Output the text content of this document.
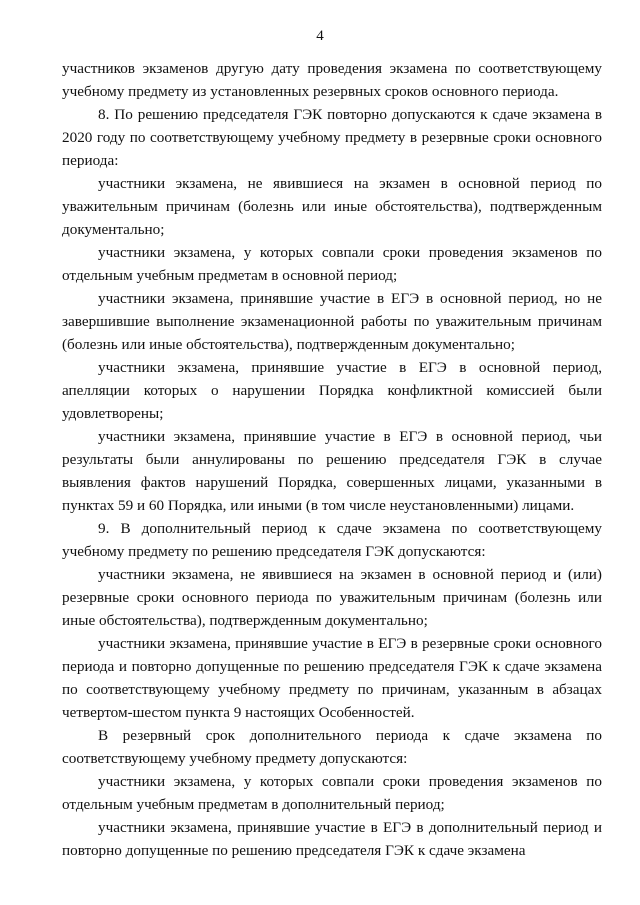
4

участников экзаменов другую дату проведения экзамена по соответствующему учебному предмету из установленных резервных сроков основного периода.

8. По решению председателя ГЭК повторно допускаются к сдаче экзамена в 2020 году по соответствующему учебному предмету в резервные сроки основного периода:

участники экзамена, не явившиеся на экзамен в основной период по уважительным причинам (болезнь или иные обстоятельства), подтвержденным документально;

участники экзамена, у которых совпали сроки проведения экзаменов по отдельным учебным предметам в основной период;

участники экзамена, принявшие участие в ЕГЭ в основной период, но не завершившие выполнение экзаменационной работы по уважительным причинам (болезнь или иные обстоятельства), подтвержденным документально;

участники экзамена, принявшие участие в ЕГЭ в основной период, апелляции которых о нарушении Порядка конфликтной комиссией были удовлетворены;

участники экзамена, принявшие участие в ЕГЭ в основной период, чьи результаты были аннулированы по решению председателя ГЭК в случае выявления фактов нарушений Порядка, совершенных лицами, указанными в пунктах 59 и 60 Порядка, или иными (в том числе неустановленными) лицами.

9. В дополнительный период к сдаче экзамена по соответствующему учебному предмету по решению председателя ГЭК допускаются:

участники экзамена, не явившиеся на экзамен в основной период и (или) резервные сроки основного периода по уважительным причинам (болезнь или иные обстоятельства), подтвержденным документально;

участники экзамена, принявшие участие в ЕГЭ в резервные сроки основного периода и повторно допущенные по решению председателя ГЭК к сдаче экзамена по соответствующему учебному предмету по причинам, указанным в абзацах четвертом-шестом пункта 9 настоящих Особенностей.

В резервный срок дополнительного периода к сдаче экзамена по соответствующему учебному предмету допускаются:

участники экзамена, у которых совпали сроки проведения экзаменов по отдельным учебным предметам в дополнительный период;

участники экзамена, принявшие участие в ЕГЭ в дополнительный период и повторно допущенные по решению председателя ГЭК к сдаче экзамена
